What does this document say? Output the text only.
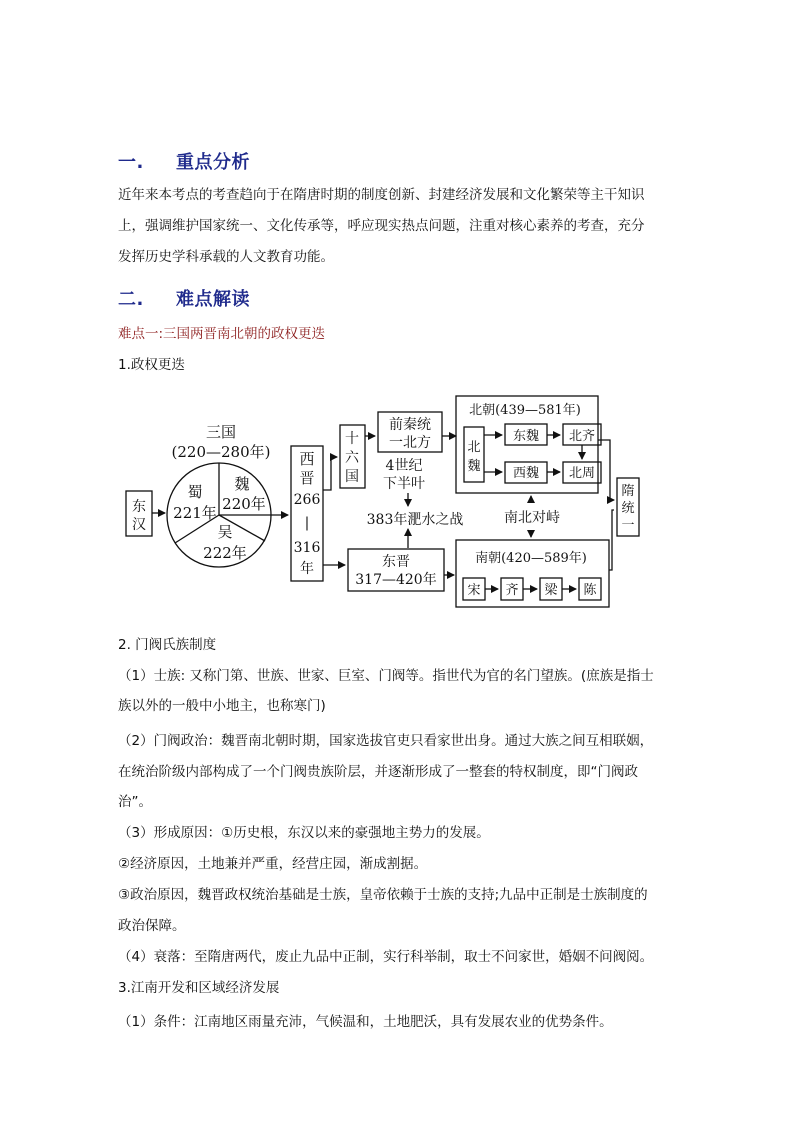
一. 重点分析
近年来本考点的考查趋向于在隋唐时期的制度创新、封建经济发展和文化繁荣等主干知识
上，强调维护国家统一、文化传承等，呼应现实热点问题，注重对核心素养的考查，充分
发挥历史学科承载的人文教育功能。
二. 难点解读
难点一:三国两晋南北朝的政权更迭
1.政权更迭
东
汉
三国
(220—280年)
蜀
221年
魏
220年
吴
222年
西
晋
266
|
316
年
十
六
国
前秦统
一北方
4世纪
下半叶
383年淝水之战
东晋
317—420年
北朝(439—581年)
北
魏
东魏 北齐
西魏 北周
南北对峙
南朝(420—589年)
宋 齐 梁 陈
隋
统
一
2. 门阀氏族制度
（1）士族: 又称门第、世族、世家、巨室、门阀等。指世代为官的名门望族。(庶族是指士
族以外的一般中小地主，也称寒门)
（2）门阀政治：魏晋南北朝时期，国家选拔官吏只看家世出身。通过大族之间互相联姻，
在统治阶级内部构成了一个门阀贵族阶层，并逐渐形成了一整套的特权制度，即“门阀政
治”。
（3）形成原因：①历史根，东汉以来的豪强地主势力的发展。
②经济原因，土地兼并严重，经营庄园，渐成割据。
③政治原因，魏晋政权统治基础是士族，皇帝依赖于士族的支持;九品中正制是士族制度的
政治保障。
（4）衰落：至隋唐两代，废止九品中正制，实行科举制，取士不问家世，婚姻不问阀阅。
3.江南开发和区域经济发展
（1）条件：江南地区雨量充沛，气候温和，土地肥沃，具有发展农业的优势条件。
